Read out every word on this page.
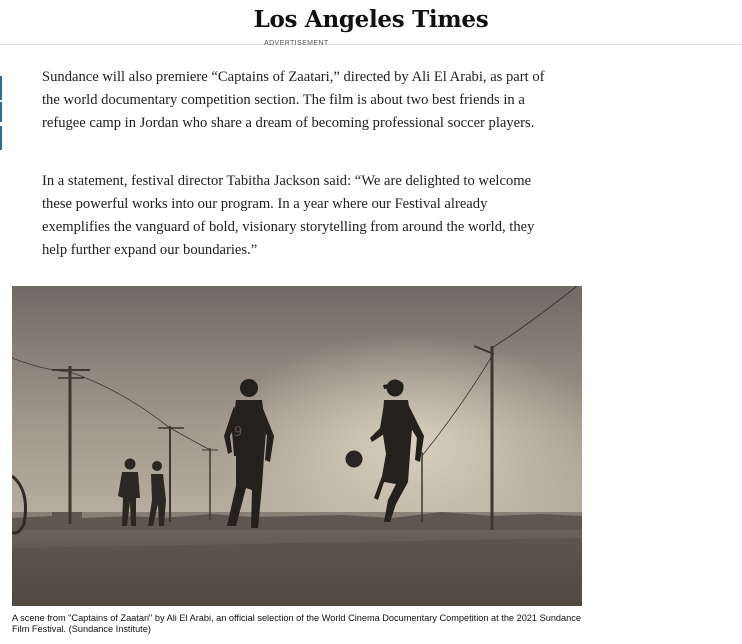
Los Angeles Times
ADVERTISEMENT

Sundance will also premiere “Captains of Zaatari,” directed by Ali El Arabi, as part of the world documentary competition section. The film is about two best friends in a refugee camp in Jordan who share a dream of becoming professional soccer players.

In a statement, festival director Tabitha Jackson said: “We are delighted to welcome these powerful works into our program. In a year where our Festival already exemplifies the vanguard of bold, visionary storytelling from around the world, they help further expand our boundaries.”

9
A scene from "Captains of Zaatari" by Ali El Arabi, an official selection of the World Cinema Documentary Competition at the 2021 Sundance Film Festival. (Sundance Institute)
